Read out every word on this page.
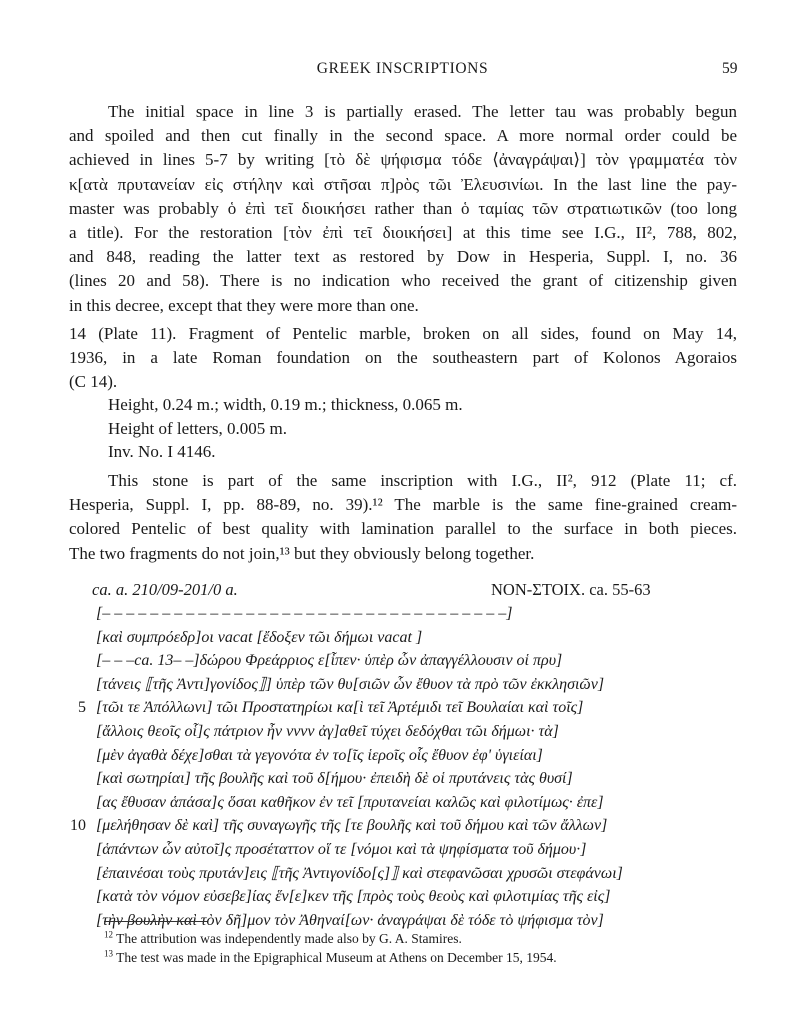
GREEK INSCRIPTIONS	59
The initial space in line 3 is partially erased. The letter tau was probably begun
and spoiled and then cut finally in the second space. A more normal order could be
achieved in lines 5-7 by writing [τὸ δὲ ψήφισμα τόδε ⟨ἀναγράψαι⟩] τὸν γραμματέα τὸν
κ[ατὰ πρυτανείαν εἰς στήλην καὶ στῆσαι π]ρὸς τῶι Ἐλευσινίωι. In the last line the pay-
master was probably ὁ ἐπὶ τεῖ διοικήσει rather than ὁ ταμίας τῶν στρατιωτικῶν (too long
a title). For the restoration [τὸν ἐπὶ τεῖ διοικήσει] at this time see I.G., II², 788, 802,
and 848, reading the latter text as restored by Dow in Hesperia, Suppl. I, no. 36
(lines 20 and 58). There is no indication who received the grant of citizenship given
in this decree, except that they were more than one.
14 (Plate 11). Fragment of Pentelic marble, broken on all sides, found on May 14,
1936, in a late Roman foundation on the southeastern part of Kolonos Agoraios
(C 14).
Height, 0.24 m.; width, 0.19 m.; thickness, 0.065 m.
Height of letters, 0.005 m.
Inv. No. I 4146.
This stone is part of the same inscription with I.G., II², 912 (Plate 11; cf.
Hesperia, Suppl. I, pp. 88-89, no. 39).¹² The marble is the same fine-grained cream-
colored Pentelic of best quality with lamination parallel to the surface in both pieces.
The two fragments do not join,¹³ but they obviously belong together.
ca. a. 210/09-201/0 a.	NON-ΣΤΟΙΧ. ca. 55-63
[– – – – – – – – – – – – – – – – – – – – – – – – – – – – – – – – – –]
[καὶ συμπρόεδρ]οι vacat [ἔδοξεν τῶι δήμωι vacat ]
[– – –ca. 13– –]δώρου Φρεάρριος ε[ἶπεν· ὑπὲρ ὧν ἀπαγγέλλουσιν οἱ πρυ]
[τάνεις ⟦τῆς Ἀντι]γονίδος⟧] ὑπὲρ τῶν θυ[σιῶν ὧν ἔθυον τὰ πρὸ τῶν ἐκκλησιῶν]
5 [τῶι τε Ἀπόλλωνι] τῶι Προστατηρίωι κα[ὶ τεῖ Ἀρτέμιδι τεῖ Βουλαίαι καὶ τοῖς]
[ἄλλοις θεοῖς οἷ]ς πάτριον ἦν vvvv ἀγ]αθεῖ τύχει δεδόχθαι τῶι δήμωι· τὰ]
[μὲν ἀγαθὰ δέχε]σθαι τὰ γεγονότα ἐν το[ῖς ἱεροῖς οἷς ἔθυον ἐφ' ὑγιείαι]
[καὶ σωτηρίαι] τῆς βουλῆς καὶ τοῦ δ[ήμου· ἐπειδὴ δὲ οἱ πρυτάνεις τὰς θυσί]
[ας ἔθυσαν ἁπάσα]ς ὅσαι καθῆκον ἐν τεῖ [πρυτανείαι καλῶς καὶ φιλοτίμως· ἐπε]
10 [μελήθησαν δὲ καὶ] τῆς συναγωγῆς τῆς [τε βουλῆς καὶ τοῦ δήμου καὶ τῶν ἄλλων]
[ἁπάντων ὧν αὐτοῖ]ς προσέταττον οἵ τε [νόμοι καὶ τὰ ψηφίσματα τοῦ δήμου·]
[ἐπαινέσαι τοὺς πρυτάν]εις ⟦τῆς Ἀντιγονίδο[ς]⟧ καὶ στεφανῶσαι χρυσῶι στεφάνωι]
[κατὰ τὸν νόμον εὐσεβε]ίας ἕν[ε]κεν τῆς [πρὸς τοὺς θεοὺς καὶ φιλοτιμίας τῆς εἰς]
[τὴν βουλὴν καὶ τὸν δῆ]μον τὸν Ἀθηναί[ων· ἀναγράψαι δὲ τόδε τὸ ψήφισμα τὸν]
$^{12}$ The attribution was independently made also by G. A. Stamires.
$^{13}$ The test was made in the Epigraphical Museum at Athens on December 15, 1954.
